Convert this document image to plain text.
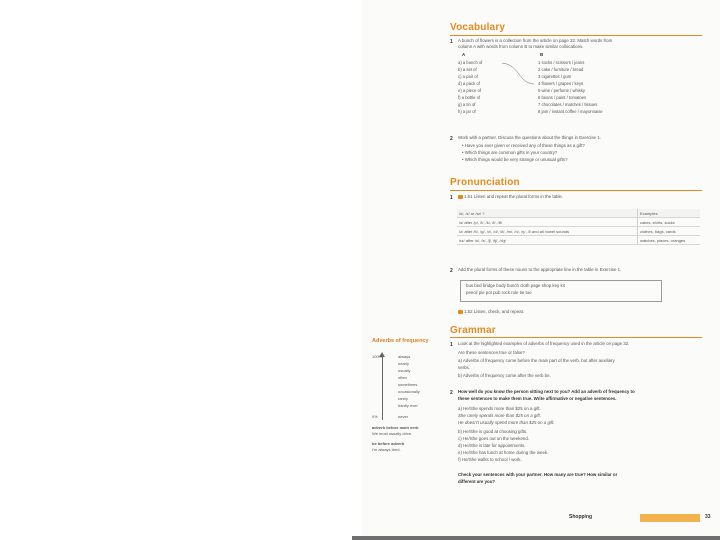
Vocabulary
1 A bunch of flowers is a collection from the article on page 32. Match words from
column A with words from column B to make similar collocations.
A	B
a) a bunch of	1 socks / scissors / jeans
b) a set of	2 cake / furniture / bread
c) a pair of	3 cigarettes / gum
d) a pack of	4 flowers / grapes / keys
e) a piece of	5 wine / perfume / whisky
f) a bottle of	6 beans / paint / tomatoes
g) a tin of	7 chocolates / matches / tissues
h) a jar of	8 jam / instant coffee / mayonnaise
2 Work with a partner. Discuss the questions about the things in Exercise 1.
• Have you ever given or received any of these things as a gift?
• Which things are common gifts in your country?
• Which things would be very strange or unusual gifts?
Pronunciation
1	1.51 Listen and repeat the plural forms in the table.
/s/, /z/ or /ɪz/ ?	Examples
/s/ after /p/, /t/, /k/, /f/, /θ/	cakes, shirts, socks
/z/ after /b/, /g/, /v/, /d/, /ð/, /m/, /n/, /ŋ/, /l/ and all vowel sounds	clothes, bags, cards
/ɪz/ after /s/, /z/, /ʃ/, /tʃ/, /dʒ/	watches, places, oranges
2 Add the plural forms of these nouns to the appropriate line in the table in Exercise 1.
bus bed bridge body bunch cloth page shop key kit
pencil pie pot pub rock rule tie toe
1.52 Listen, check, and repeat.
Grammar
1 Look at the highlighted examples of adverbs of frequency used in the article on page 32.
Are these sentences true or false?
a) Adverbs of frequency come before the main part of the verb, but after auxiliary
verbs.
b) Adverbs of frequency come after the verb be.
2 How well do you know the person sitting next to you? Add an adverb of frequency to
these sentences to make them true. Write affirmative or negative sentences.
a) He/She spends more than $25 on a gift.
She rarely spends more than $25 on a gift.
He doesn't usually spend more than $25 on a gift.
b) He/She is good at choosing gifts.
c) He/She goes out on the weekend.
d) He/She is late for appointments.
e) He/She has lunch at home during the week.
f) He/She walks to school / work.
Check your sentences with your partner. How many are true? How similar or
different are you?
Adverbs of frequency
100%
0%
always
nearly
usually
often
sometimes
occasionally
rarely
hardly ever
never
adverb before main verb
We most usually drive.
be before adverb
I'm always tired.
Shopping	33
